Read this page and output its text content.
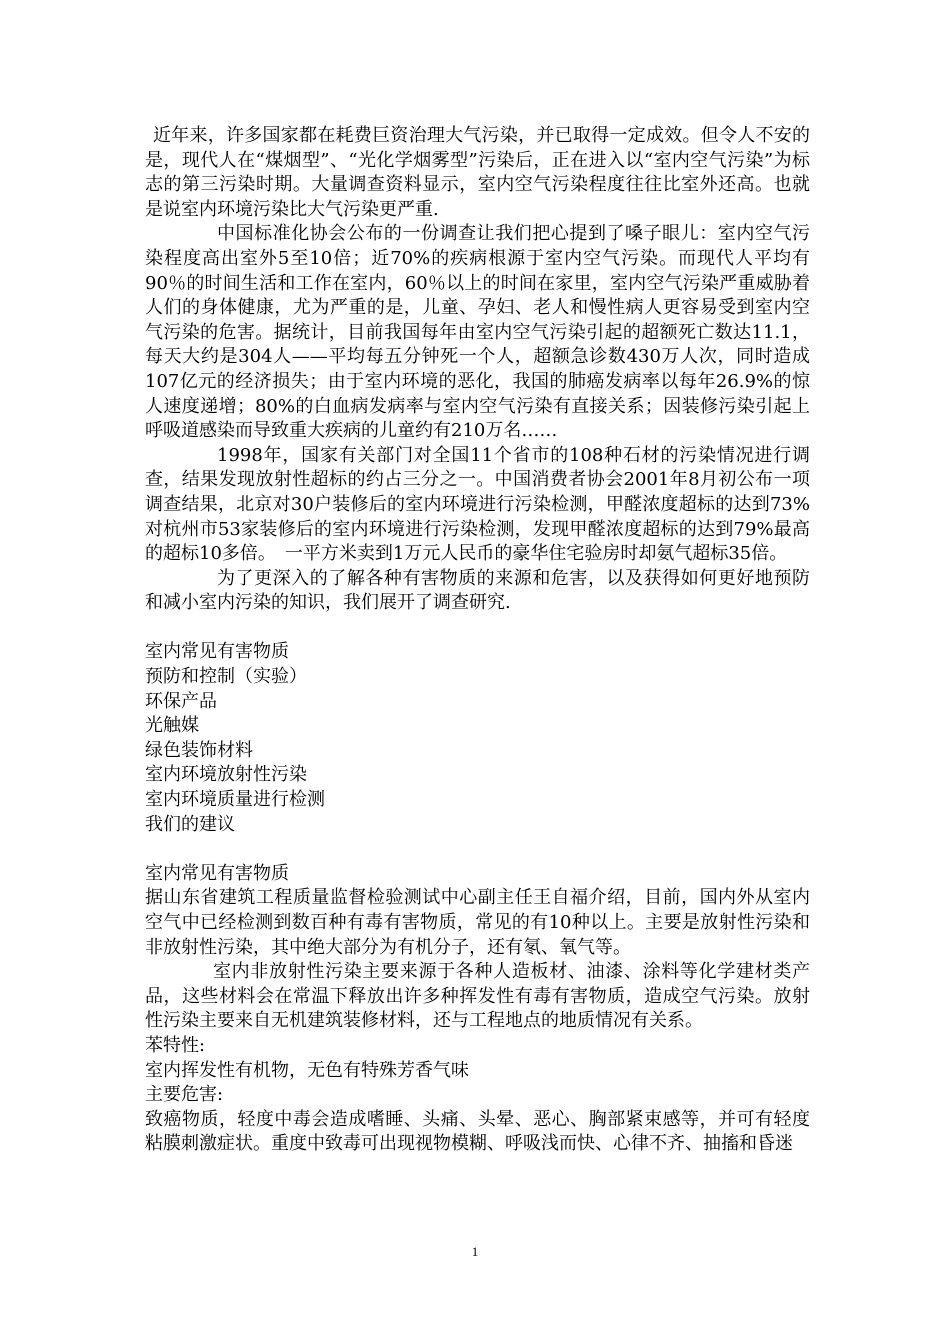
近年来，许多国家都在耗费巨资治理大气污染，并已取得一定成效。但令人不安的是，现代人在“煤烟型”、“光化学烟雾型”污染后，正在进入以“室内空气污染”为标志的第三污染时期。大量调查资料显示，室内空气污染程度往往比室外还高。也就是说室内环境污染比大气污染更严重.

中国标准化协会公布的一份调查让我们把心提到了嗓子眼儿：室内空气污染程度高出室外5至10倍；近70%的疾病根源于室内空气污染。而现代人平均有90％的时间生活和工作在室内，60％以上的时间在家里，室内空气污染严重威胁着人们的身体健康，尤为严重的是，儿童、孕妇、老人和慢性病人更容易受到室内空气污染的危害。据统计，目前我国每年由室内空气污染引起的超额死亡数达11.1，每天大约是304人——平均每五分钟死一个人，超额急诊数430万人次，同时造成107亿元的经济损失；由于室内环境的恶化，我国的肺癌发病率以每年26.9%的惊人速度递增；80%的白血病发病率与室内空气污染有直接关系；因装修污染引起上呼吸道感染而导致重大疾病的儿童约有210万名……

1998年，国家有关部门对全国11个省市的108种石材的污染情况进行调查，结果发现放射性超标的约占三分之一。中国消费者协会2001年8月初公布一项调查结果，北京对30户装修后的室内环境进行污染检测，甲醛浓度超标的达到73%对杭州市53家装修后的室内环境进行污染检测，发现甲醛浓度超标的达到79%最高的超标10多倍。　一平方米卖到1万元人民币的豪华住宅验房时却氨气超标35倍。

为了更深入的了解各种有害物质的来源和危害，以及获得如何更好地预防和减小室内污染的知识，我们展开了调查研究.

室内常见有害物质

预防和控制（实验）

环保产品

光触媒

绿色装饰材料

室内环境放射性污染

室内环境质量进行检测

我们的建议

室内常见有害物质

据山东省建筑工程质量监督检验测试中心副主任王自福介绍，目前，国内外从室内空气中已经检测到数百种有毒有害物质，常见的有10种以上。主要是放射性污染和非放射性污染，其中绝大部分为有机分子，还有氡、氧气等。

室内非放射性污染主要来源于各种人造板材、油漆、涂料等化学建材类产品，这些材料会在常温下释放出许多种挥发性有毒有害物质，造成空气污染。放射性污染主要来自无机建筑装修材料，还与工程地点的地质情况有关系。

苯特性:

室内挥发性有机物，无色有特殊芳香气味

主要危害:

致癌物质，轻度中毒会造成嗜睡、头痛、头晕、恶心、胸部紧束感等，并可有轻度粘膜刺激症状。重度中致毒可出现视物模糊、呼吸浅而快、心律不齐、抽搐和昏迷

1
